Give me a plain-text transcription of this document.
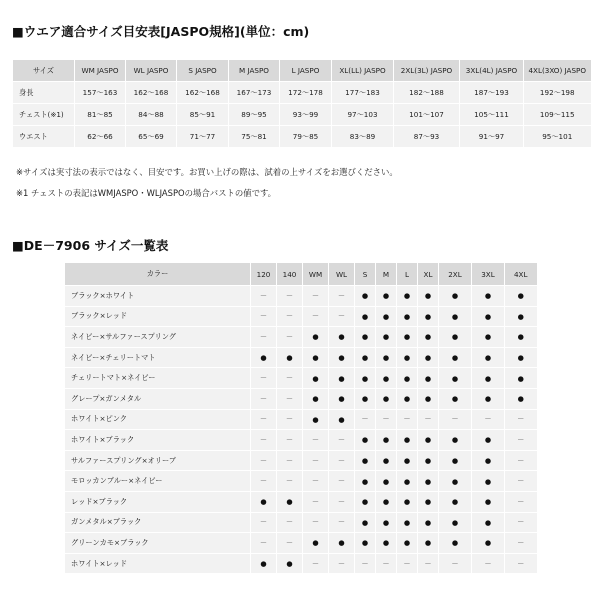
■ウエア適合サイズ目安表[JASPO規格](単位：cm)
サイズ	WM JASPO	WL JASPO	S JASPO	M JASPO	L JASPO	XL(LL) JASPO	2XL(3L) JASPO	3XL(4L) JASPO	4XL(3XO) JASPO
身長	157〜163	162〜168	162〜168	167〜173	172〜178	177〜183	182〜188	187〜193	192〜198
チェスト(※1)	81〜85	84〜88	85〜91	89〜95	93〜99	97〜103	101〜107	105〜111	109〜115
ウエスト	62〜66	65〜69	71〜77	75〜81	79〜85	83〜89	87〜93	91〜97	95〜101
※サイズは実寸法の表示ではなく、目安です。お買い上げの際は、試着の上サイズをお選びください。
※1 チェストの表記はWMJASPO・WLJASPOの場合バストの値です。
■DE－7906 サイズ一覧表
カラー	120	140	WM	WL	S	M	L	XL	2XL	3XL	4XL
ブラック×ホワイト	－	－	－	－	●	●	●	●	●	●	●
ブラック×レッド	－	－	－	－	●	●	●	●	●	●	●
ネイビー×サルファースプリング	－	－	●	●	●	●	●	●	●	●	●
ネイビー×チェリートマト	●	●	●	●	●	●	●	●	●	●	●
チェリートマト×ネイビー	－	－	●	●	●	●	●	●	●	●	●
グレープ×ガンメタル	－	－	●	●	●	●	●	●	●	●	●
ホワイト×ピンク	－	－	●	●	－	－	－	－	－	－	－
ホワイト×ブラック	－	－	－	－	●	●	●	●	●	●	－
サルファースプリング×オリーブ	－	－	－	－	●	●	●	●	●	●	－
モロッカンブルー×ネイビー	－	－	－	－	●	●	●	●	●	●	－
レッド×ブラック	●	●	－	－	●	●	●	●	●	●	－
ガンメタル×ブラック	－	－	－	－	●	●	●	●	●	●	－
グリーンカモ×ブラック	－	－	●	●	●	●	●	●	●	●	－
ホワイト×レッド	●	●	－	－	－	－	－	－	－	－	－
